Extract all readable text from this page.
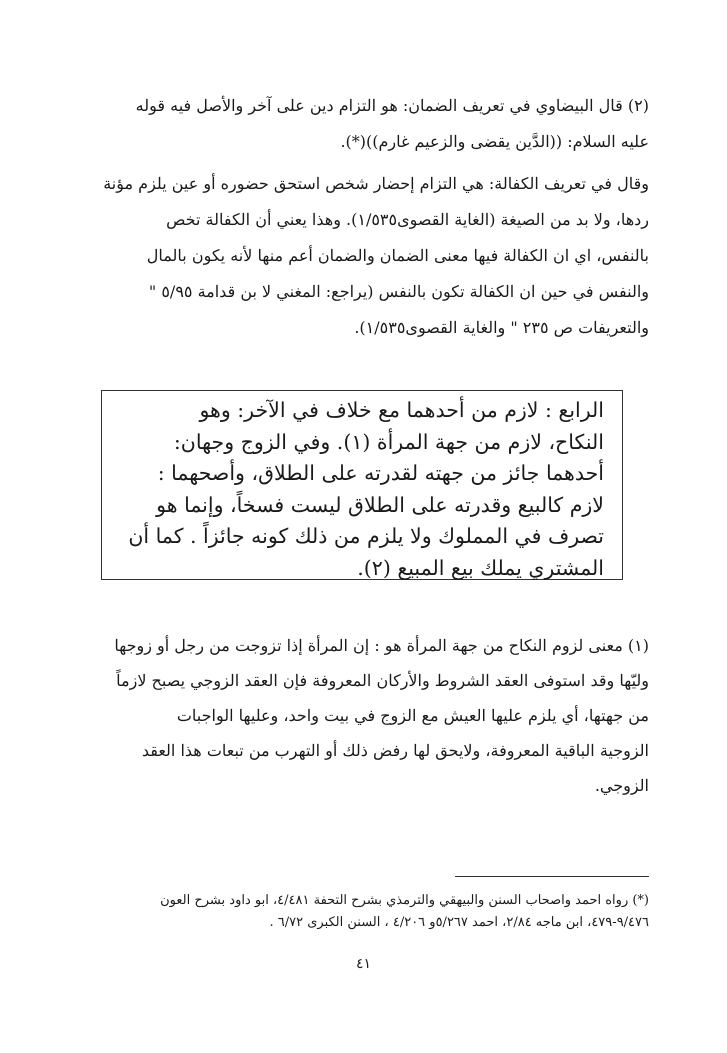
(٢) قال البيضاوي في تعريف الضمان: هو التزام دين على آخر والأصل فيه قوله
عليه السلام: ((الدَّين يقضى والزعيم غارم))(*).
وقال في تعريف الكفالة: هي التزام إحضار شخص استحق حضوره أو عين يلزم مؤنة
ردها، ولا بد من الصيغة (الغاية القصوى١/٥٣٥). وهذا يعني أن الكفالة تخص
بالنفس، اي ان الكفالة فيها معنى الضمان والضمان أعم منها لأنه يكون بالمال
والنفس في حين ان الكفالة تكون بالنفس (يراجع: المغني لا بن قدامة ٥/٩٥ "
والتعريفات ص ٢٣٥ " والغاية القصوى١/٥٣٥).
الرابع : لازم من أحدهما مع خلاف في الآخر: وهو
النكاح، لازم من جهة المرأة (١). وفي الزوج وجهان:
أحدهما جائز من جهته لقدرته على الطلاق، وأصحهما :
لازم كالبيع وقدرته على الطلاق ليست فسخاً، وإنما هو
تصرف في المملوك ولا يلزم من ذلك كونه جائزاً . كما أن
المشتري يملك بيع المبيع (٢).
(١) معنى لزوم النكاح من جهة المرأة هو : إن المرأة إذا تزوجت من رجل أو زوجها
وليّها وقد استوفى العقد الشروط والأركان المعروفة فإن العقد الزوجي يصبح لازماً
من جهتها، أي يلزم عليها العيش مع الزوج في بيت واحد، وعليها الواجبات
الزوجية الباقية المعروفة، ولايحق لها رفض ذلك أو التهرب من تبعات هذا العقد
الزوجي.
(*) رواه احمد واصحاب السنن والبيهقي والترمذي بشرح التحفة ٤/٤٨١، ابو داود بشرح العون
٩/٤٧٦-٤٧٩، ابن ماجه ٢/٨٤، احمد ٥/٢٦٧و ٤/٢٠٦ ، السنن الكبرى ٦/٧٢ .
٤١
